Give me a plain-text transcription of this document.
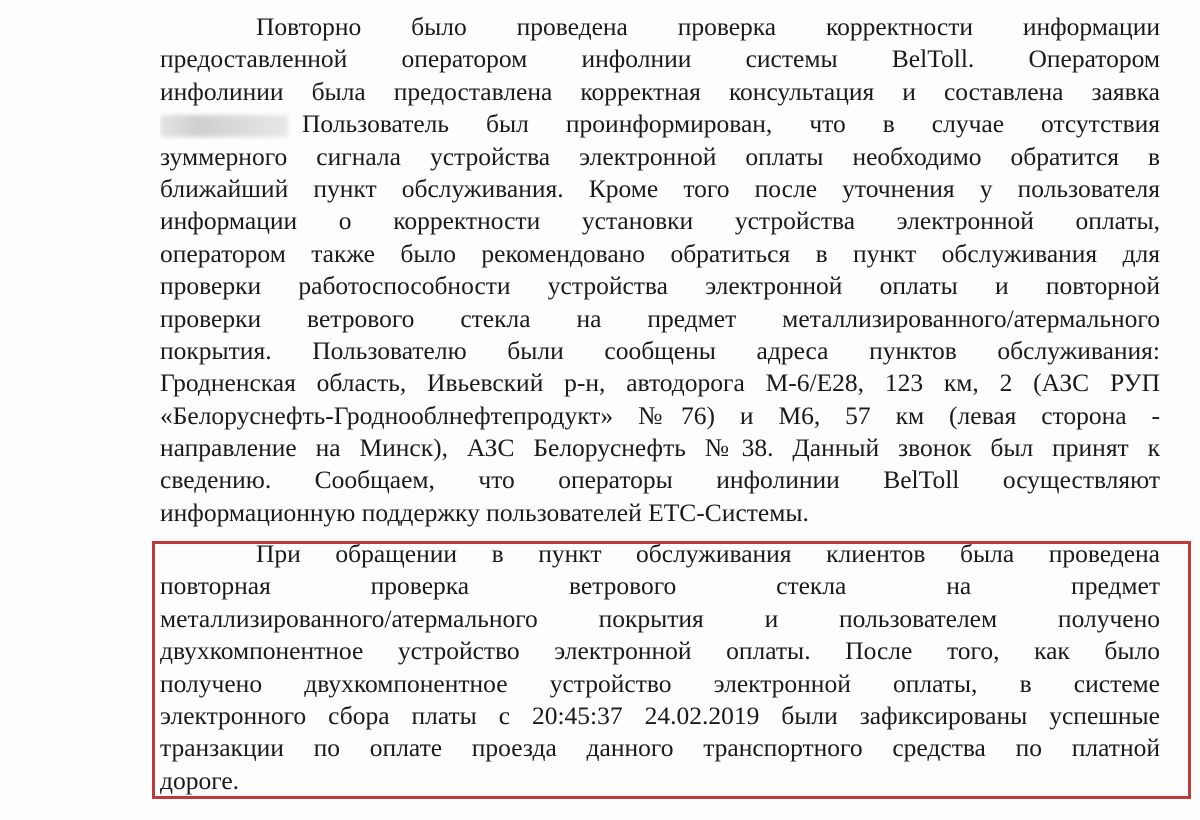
Повторно было проведена проверка корректности информации
предоставленной оператором инфолнии системы BelToll. Оператором
инфолинии была предоставлена корректная консультация и составлена заявка
Пользователь был проинформирован, что в случае отсутствия
зуммерного сигнала устройства электронной оплаты необходимо обратится в
ближайший пункт обслуживания. Кроме того после уточнения у пользователя
информации о корректности установки устройства электронной оплаты,
оператором также было рекомендовано обратиться в пункт обслуживания для
проверки работоспособности устройства электронной оплаты и повторной
проверки ветрового стекла на предмет металлизированного/атермального
покрытия. Пользователю были сообщены адреса пунктов обслуживания:
Гродненская область, Ивьевский р-н, автодорога М-6/Е28, 123 км, 2 (АЗС РУП
«Белоруснефть-Гроднооблнефтепродукт» №76) и М6, 57 км (левая сторона -
направление на Минск), АЗС Белоруснефть №38. Данный звонок был принят к
сведению. Сообщаем, что операторы инфолинии BelToll осуществляют
информационную поддержку пользователей ЕТС-Системы.
При обращении в пункт обслуживания клиентов была проведена
повторная проверка ветрового стекла на предмет
металлизированного/атермального покрытия и пользователем получено
двухкомпонентное устройство электронной оплаты. После того, как было
получено двухкомпонентное устройство электронной оплаты, в системе
электронного сбора платы с 20:45:37 24.02.2019 были зафиксированы успешные
транзакции по оплате проезда данного транспортного средства по платной
дороге.
